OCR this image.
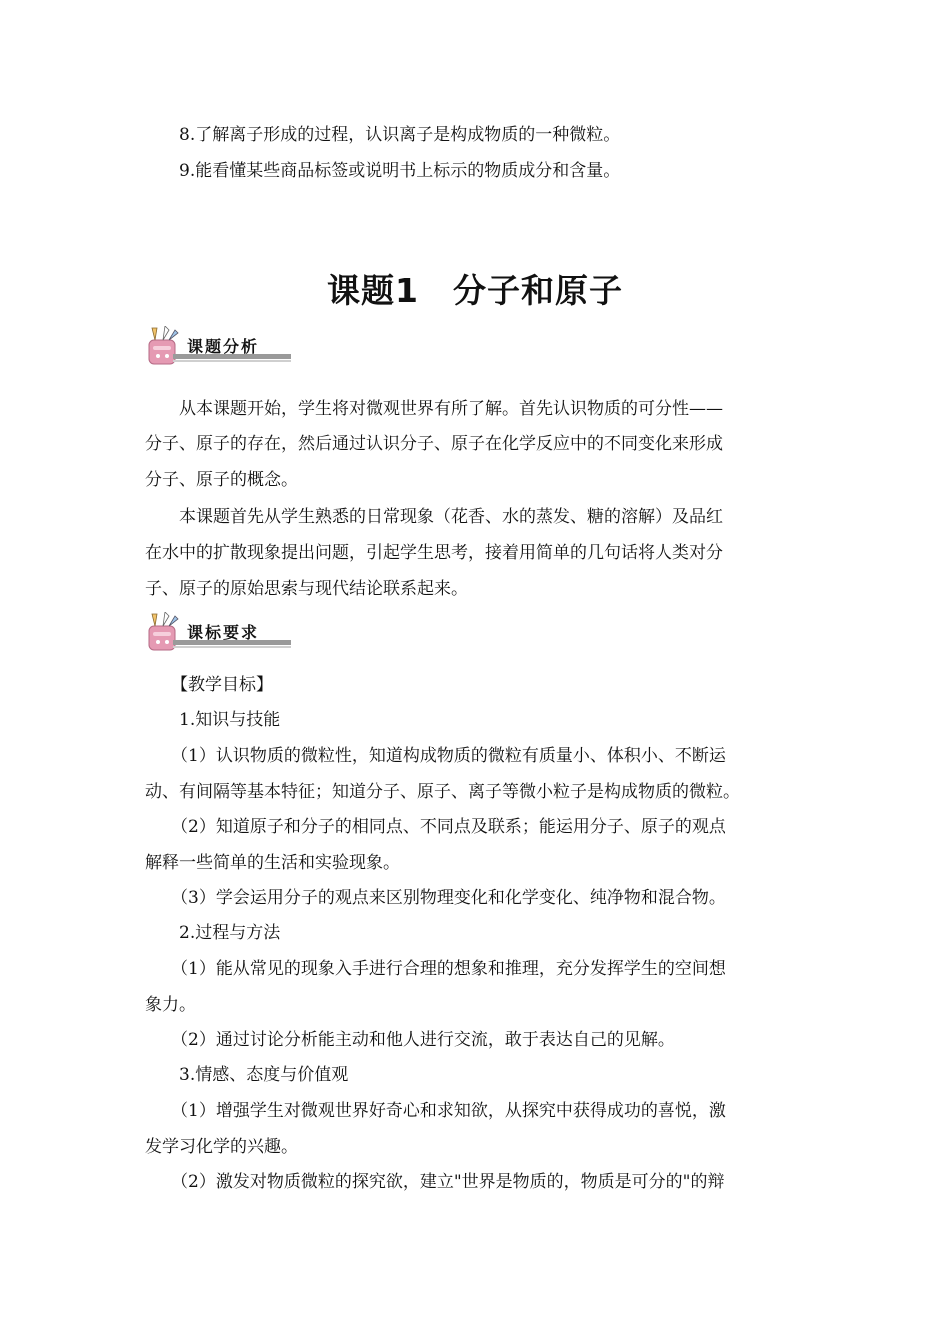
8.了解离子形成的过程，认识离子是构成物质的一种微粒。
9.能看懂某些商品标签或说明书上标示的物质成分和含量。
课题1　分子和原子
课题分析
从本课题开始，学生将对微观世界有所了解。首先认识物质的可分性——
分子、原子的存在，然后通过认识分子、原子在化学反应中的不同变化来形成
分子、原子的概念。
本课题首先从学生熟悉的日常现象（花香、水的蒸发、糖的溶解）及品红
在水中的扩散现象提出问题，引起学生思考，接着用简单的几句话将人类对分
子、原子的原始思索与现代结论联系起来。
课标要求
【教学目标】
1.知识与技能
（1）认识物质的微粒性，知道构成物质的微粒有质量小、体积小、不断运
动、有间隔等基本特征；知道分子、原子、离子等微小粒子是构成物质的微粒。
（2）知道原子和分子的相同点、不同点及联系；能运用分子、原子的观点
解释一些简单的生活和实验现象。
（3）学会运用分子的观点来区别物理变化和化学变化、纯净物和混合物。
2.过程与方法
（1）能从常见的现象入手进行合理的想象和推理，充分发挥学生的空间想
象力。
（2）通过讨论分析能主动和他人进行交流，敢于表达自己的见解。
3.情感、态度与价值观
（1）增强学生对微观世界好奇心和求知欲，从探究中获得成功的喜悦，激
发学习化学的兴趣。
（2）激发对物质微粒的探究欲，建立"世界是物质的，物质是可分的"的辩
